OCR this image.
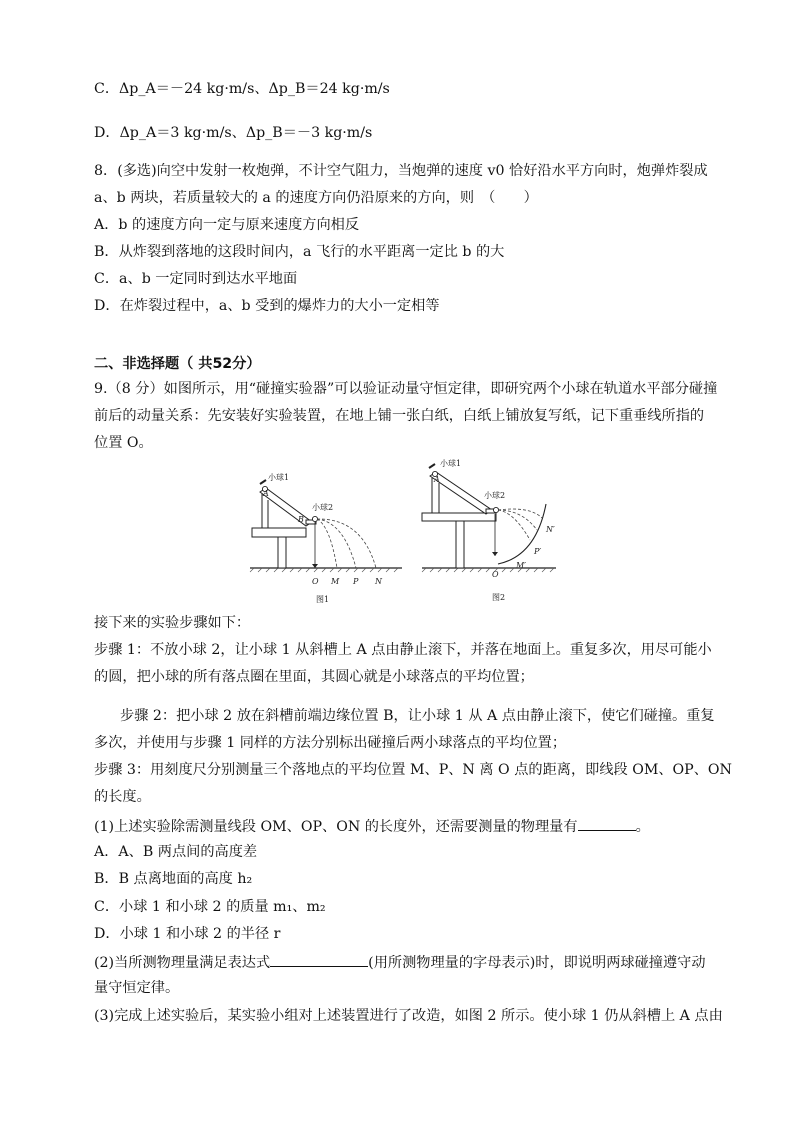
C．Δp_A＝－24 kg·m/s、Δp_B＝24 kg·m/s
D．Δp_A＝3 kg·m/s、Δp_B＝－3 kg·m/s
8．(多选)向空中发射一枚炮弹，不计空气阻力，当炮弹的速度 v0 恰好沿水平方向时，炮弹炸裂成
a、b 两块，若质量较大的 a 的速度方向仍沿原来的方向，则　（　　）
A．b 的速度方向一定与原来速度方向相反
B．从炸裂到落地的这段时间内，a 飞行的水平距离一定比 b 的大
C．a、b 一定同时到达水平地面
D．在炸裂过程中，a、b 受到的爆炸力的大小一定相等
二、非选择题（ 共52分）
9.（8 分）如图所示，用“碰撞实验器”可以验证动量守恒定律，即研究两个小球在轨道水平部分碰撞
前后的动量关系：先安装好实验装置，在地上铺一张白纸，白纸上铺放复写纸，记下重垂线所指的
位置 O。
小球1
A
B
小球2
O M P N
图1
小球1
A
小球2
O
M′
P′
N′
图2
接下来的实验步骤如下：
步骤 1：不放小球 2，让小球 1 从斜槽上 A 点由静止滚下，并落在地面上。重复多次，用尽可能小
的圆，把小球的所有落点圈在里面，其圆心就是小球落点的平均位置；
步骤 2：把小球 2 放在斜槽前端边缘位置 B，让小球 1 从 A 点由静止滚下，使它们碰撞。重复
多次，并使用与步骤 1 同样的方法分别标出碰撞后两小球落点的平均位置；
步骤 3：用刻度尺分别测量三个落地点的平均位置 M、P、N 离 O 点的距离，即线段 OM、OP、ON
的长度。
(1)上述实验除需测量线段 OM、OP、ON 的长度外，还需要测量的物理量有	。
A．A、B 两点间的高度差
B．B 点离地面的高度 h₂
C．小球 1 和小球 2 的质量 m₁、m₂
D．小球 1 和小球 2 的半径 r
(2)当所测物理量满足表达式	(用所测物理量的字母表示)时，即说明两球碰撞遵守动
量守恒定律。
(3)完成上述实验后，某实验小组对上述装置进行了改造，如图 2 所示。使小球 1 仍从斜槽上 A 点由
